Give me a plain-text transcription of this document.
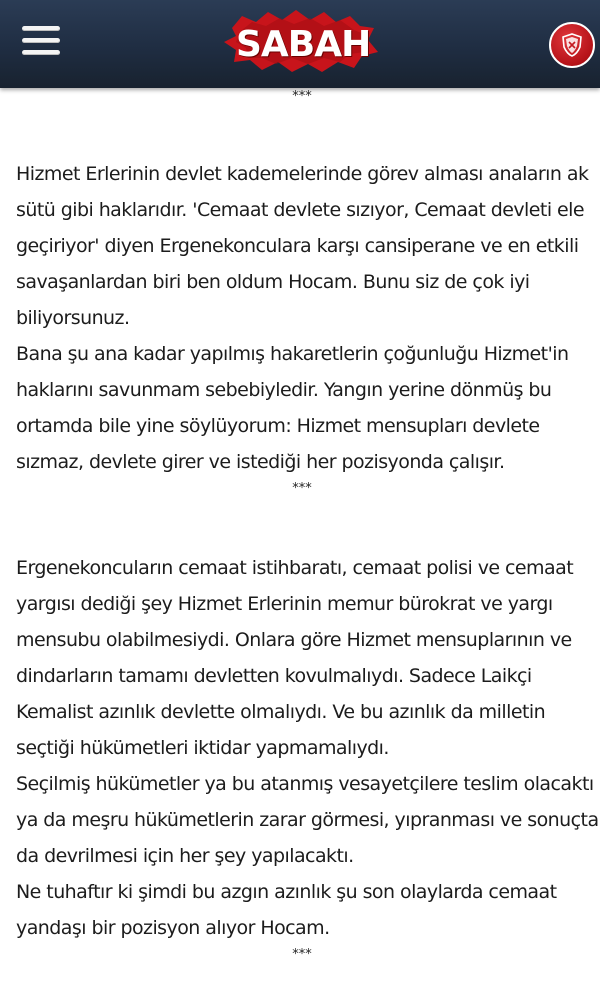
SABAH
***

Hizmet Erlerinin devlet kademelerinde görev alması anaların ak

sütü gibi haklarıdır. 'Cemaat devlete sızıyor, Cemaat devleti ele

geçiriyor' diyen Ergenekonculara karşı cansiperane ve en etkili

savaşanlardan biri ben oldum Hocam. Bunu siz de çok iyi

biliyorsunuz.

Bana şu ana kadar yapılmış hakaretlerin çoğunluğu Hizmet'in

haklarını savunmam sebebiyledir. Yangın yerine dönmüş bu

ortamda bile yine söylüyorum: Hizmet mensupları devlete

sızmaz, devlete girer ve istediği her pozisyonda çalışır.

***

Ergenekoncuların cemaat istihbaratı, cemaat polisi ve cemaat

yargısı dediği şey Hizmet Erlerinin memur bürokrat ve yargı

mensubu olabilmesiydi. Onlara göre Hizmet mensuplarının ve

dindarların tamamı devletten kovulmalıydı. Sadece Laikçi

Kemalist azınlık devlette olmalıydı. Ve bu azınlık da milletin

seçtiği hükümetleri iktidar yapmamalıydı.

Seçilmiş hükümetler ya bu atanmış vesayetçilere teslim olacaktı

ya da meşru hükümetlerin zarar görmesi, yıpranması ve sonuçta

da devrilmesi için her şey yapılacaktı.

Ne tuhaftır ki şimdi bu azgın azınlık şu son olaylarda cemaat

yandaşı bir pozisyon alıyor Hocam.

***
